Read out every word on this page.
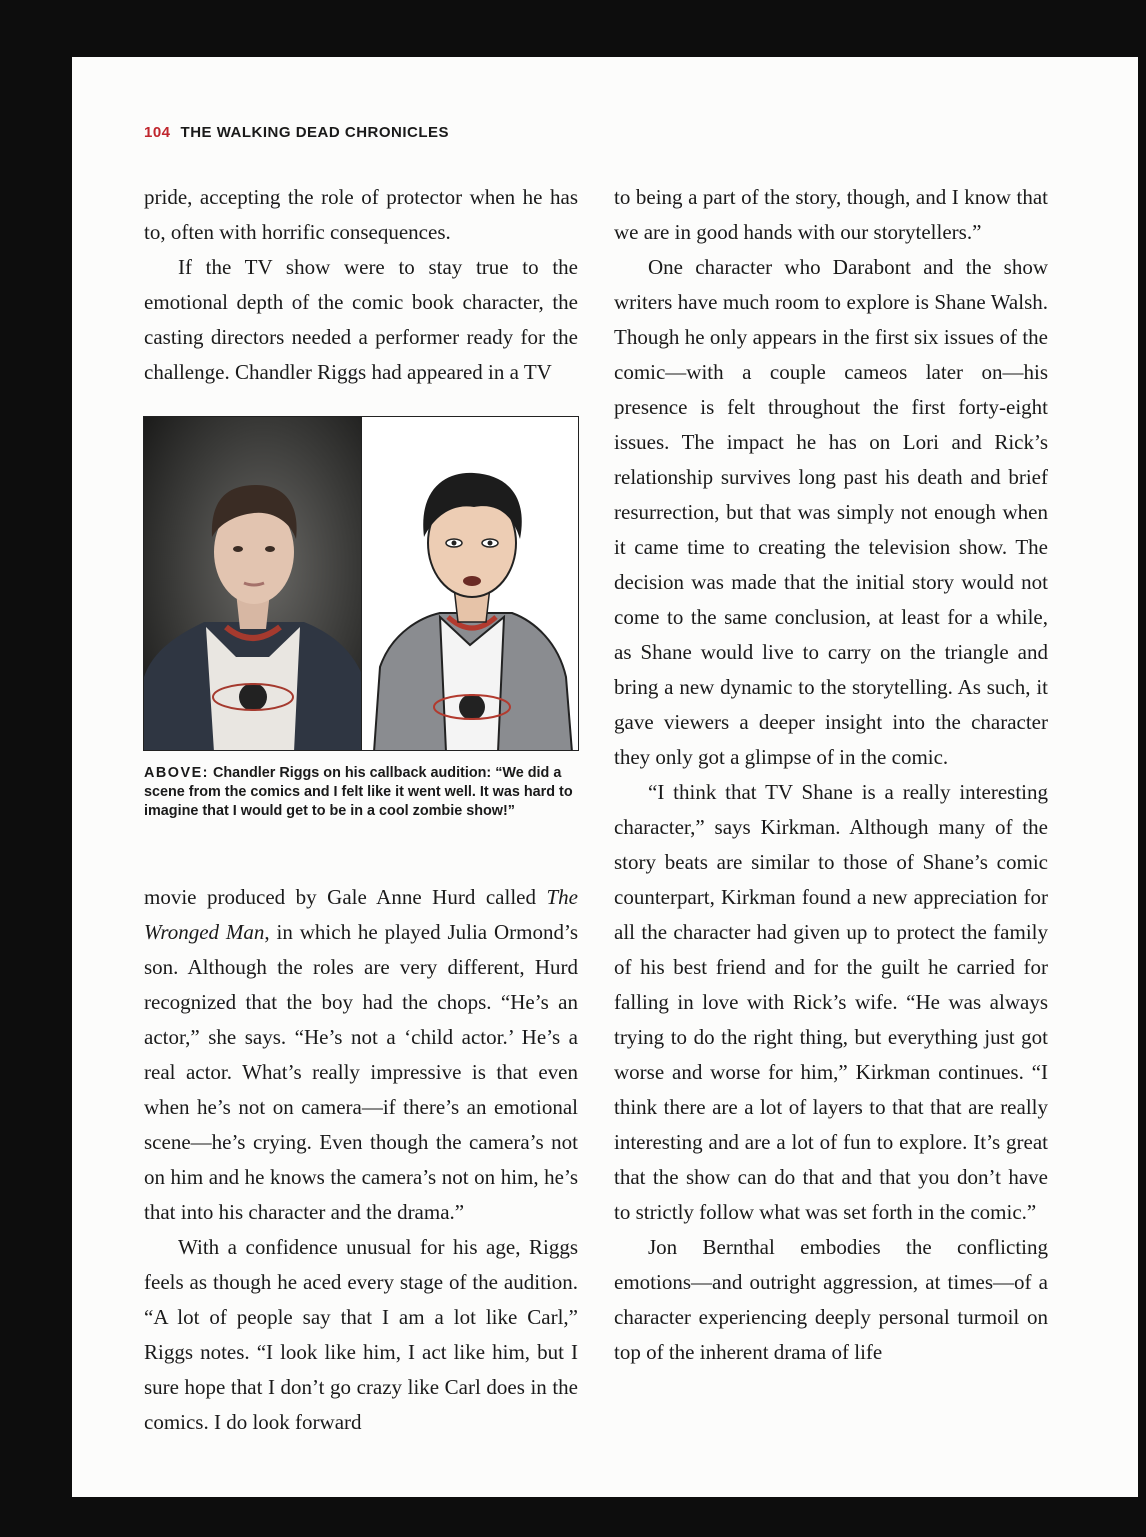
104 THE WALKING DEAD CHRONICLES

pride, accepting the role of protector when he has to, often with horrific consequences.

If the TV show were to stay true to the emotional depth of the comic book character, the casting directors needed a performer ready for the challenge. Chandler Riggs had appeared in a TV

ABOVE: Chandler Riggs on his callback audition: “We did a scene from the comics and I felt like it went well. It was hard to imagine that I would get to be in a cool zombie show!”

movie produced by Gale Anne Hurd called The Wronged Man, in which he played Julia Ormond’s son. Although the roles are very different, Hurd recognized that the boy had the chops. “He’s an actor,” she says. “He’s not a ‘child actor.’ He’s a real actor. What’s really impressive is that even when he’s not on camera—if there’s an emotional scene—he’s crying. Even though the camera’s not on him and he knows the camera’s not on him, he’s that into his character and the drama.”

With a confidence unusual for his age, Riggs feels as though he aced every stage of the audition. “A lot of people say that I am a lot like Carl,” Riggs notes. “I look like him, I act like him, but I sure hope that I don’t go crazy like Carl does in the comics. I do look forward

to being a part of the story, though, and I know that we are in good hands with our storytellers.”

One character who Darabont and the show writers have much room to explore is Shane Walsh. Though he only appears in the first six issues of the comic—with a couple cameos later on—his presence is felt throughout the first forty-eight issues. The impact he has on Lori and Rick’s relationship survives long past his death and brief resurrection, but that was simply not enough when it came time to creating the television show. The decision was made that the initial story would not come to the same conclusion, at least for a while, as Shane would live to carry on the triangle and bring a new dynamic to the storytelling. As such, it gave viewers a deeper insight into the character they only got a glimpse of in the comic.

“I think that TV Shane is a really interesting character,” says Kirkman. Although many of the story beats are similar to those of Shane’s comic counterpart, Kirkman found a new appreciation for all the character had given up to protect the family of his best friend and for the guilt he carried for falling in love with Rick’s wife. “He was always trying to do the right thing, but everything just got worse and worse for him,” Kirkman continues. “I think there are a lot of layers to that that are really interesting and are a lot of fun to explore. It’s great that the show can do that and that you don’t have to strictly follow what was set forth in the comic.”

Jon Bernthal embodies the conflicting emotions—and outright aggression, at times—of a character experiencing deeply personal turmoil on top of the inherent drama of life
